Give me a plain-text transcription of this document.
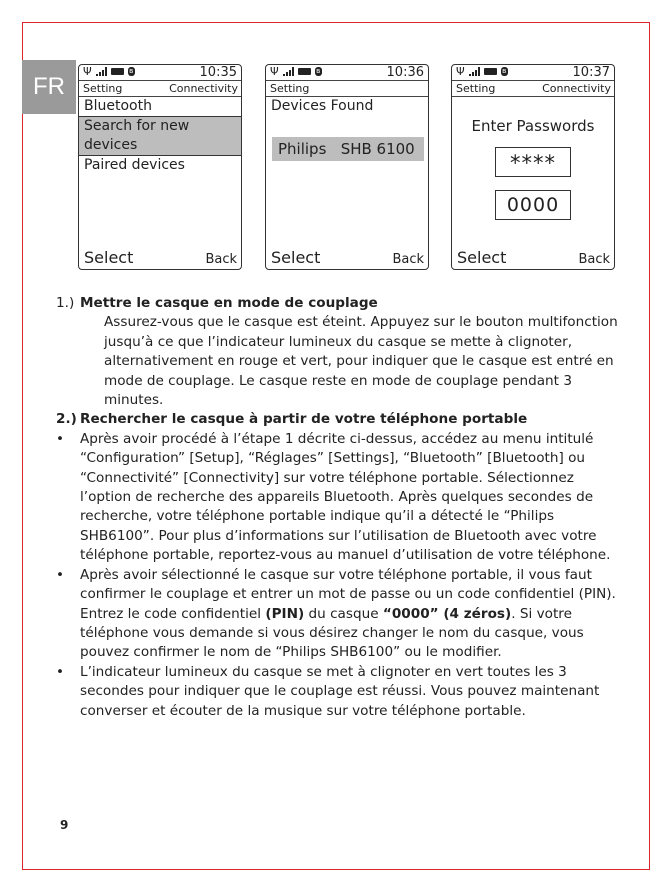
FR
Ψ	ʙ	10:35
Setting	Connectivity
Bluetooth
Search for new devices
Paired devices
Select	Back
Ψ	ʙ	10:36
Setting
Devices Found
Philips   SHB 6100
Select	Back
Ψ	ʙ	10:37
Setting	Connectivity
Enter Passwords
****
0000
Select	Back
1.) Mettre le casque en mode de couplage
Assurez-vous que le casque est éteint. Appuyez sur le bouton multifonction
jusqu’à ce que l’indicateur lumineux du casque se mette à clignoter,
alternativement en rouge et vert, pour indiquer que le casque est entré en
mode de couplage. Le casque reste en mode de couplage pendant 3 minutes.
2.) Rechercher le casque à partir de votre téléphone portable
• Après avoir procédé à l’étape 1 décrite ci-dessus, accédez au menu intitulé
“Configuration” [Setup], “Réglages” [Settings], “Bluetooth” [Bluetooth] ou
“Connectivité” [Connectivity] sur votre téléphone portable. Sélectionnez
l’option de recherche des appareils Bluetooth. Après quelques secondes de
recherche, votre téléphone portable indique qu’il a détecté le “Philips
SHB6100”. Pour plus d’informations sur l’utilisation de Bluetooth avec votre
téléphone portable, reportez-vous au manuel d’utilisation de votre téléphone.
• Après avoir sélectionné le casque sur votre téléphone portable, il vous faut
confirmer le couplage et entrer un mot de passe ou un code confidentiel (PIN).
Entrez le code confidentiel (PIN) du casque “0000” (4 zéros). Si votre
téléphone vous demande si vous désirez changer le nom du casque, vous
pouvez confirmer le nom de “Philips SHB6100” ou le modifier.
• L’indicateur lumineux du casque se met à clignoter en vert toutes les 3
secondes pour indiquer que le couplage est réussi. Vous pouvez maintenant
converser et écouter de la musique sur votre téléphone portable.
9
